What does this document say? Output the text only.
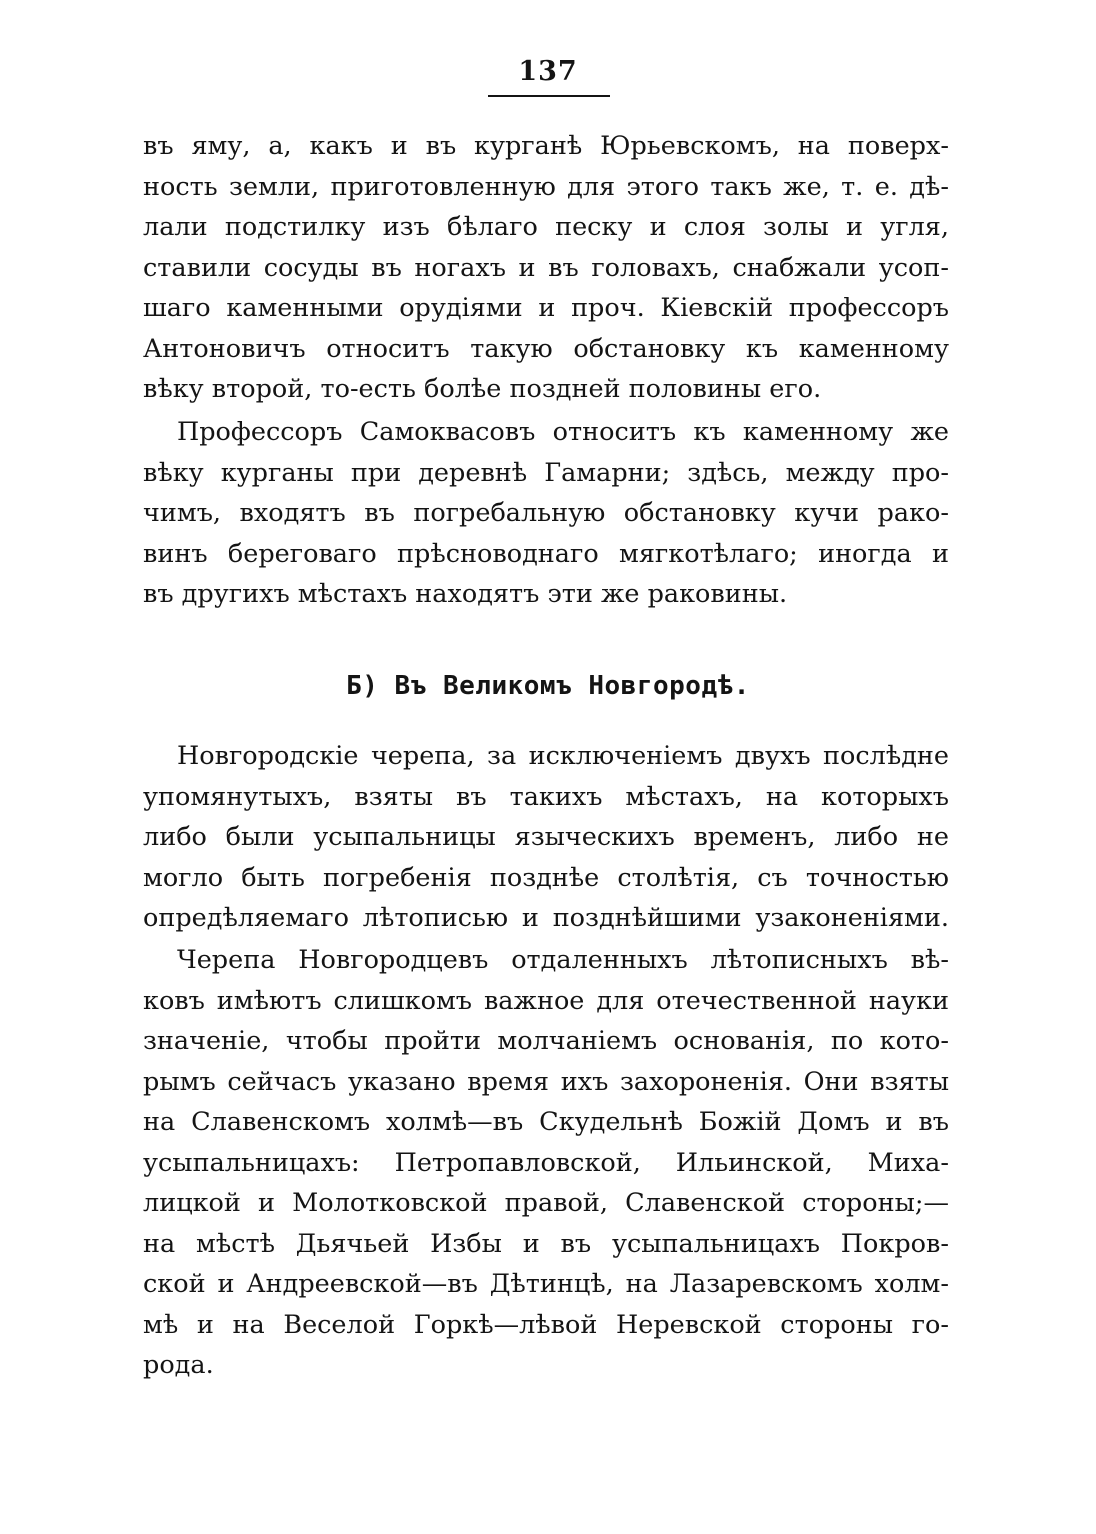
137
въ яму, а, какъ и въ курганѣ Юрьевскомъ, на поверх-
ность земли, приготовленную для этого такъ же, т. е. дѣ-
лали подстилку изъ бѣлаго песку и слоя золы и угля,
ставили сосуды въ ногахъ и въ головахъ, снабжали усоп-
шаго каменными орудіями и проч. Кіевскій профессоръ
Антоновичъ относитъ такую обстановку къ каменному
вѣку второй, то-есть болѣе поздней половины его.
Профессоръ Самоквасовъ относитъ къ каменному же
вѣку курганы при деревнѣ Гамарни; здѣсь, между про-
чимъ, входятъ въ погребальную обстановку кучи рако-
винъ береговаго прѣсноводнаго мягкотѣлаго; иногда и
въ другихъ мѣстахъ находятъ эти же раковины.
Б) Въ Великомъ Новгородѣ.
Новгородскіе черепа, за исключеніемъ двухъ послѣдне
упомянутыхъ, взяты въ такихъ мѣстахъ, на которыхъ
либо были усыпальницы языческихъ временъ, либо не
могло быть погребенія позднѣе столѣтія, съ точностью
опредѣляемаго лѣтописью и позднѣйшими узаконеніями.
Черепа Новгородцевъ отдаленныхъ лѣтописныхъ вѣ-
ковъ имѣютъ слишкомъ важное для отечественной науки
значеніе, чтобы пройти молчаніемъ основанія, по кото-
рымъ сейчасъ указано время ихъ захороненія. Они взяты
на Славенскомъ холмѣ—въ Скудельнѣ Божій Домъ и въ
усыпальницахъ: Петропавловской, Ильинской, Миха-
лицкой и Молотковской правой, Славенской стороны;—
на мѣстѣ Дьячьей Избы и въ усыпальницахъ Покров-
ской и Андреевской—въ Дѣтинцѣ, на Лазаревскомъ холм-
мѣ и на Веселой Горкѣ—лѣвой Неревской стороны го-
рода.
